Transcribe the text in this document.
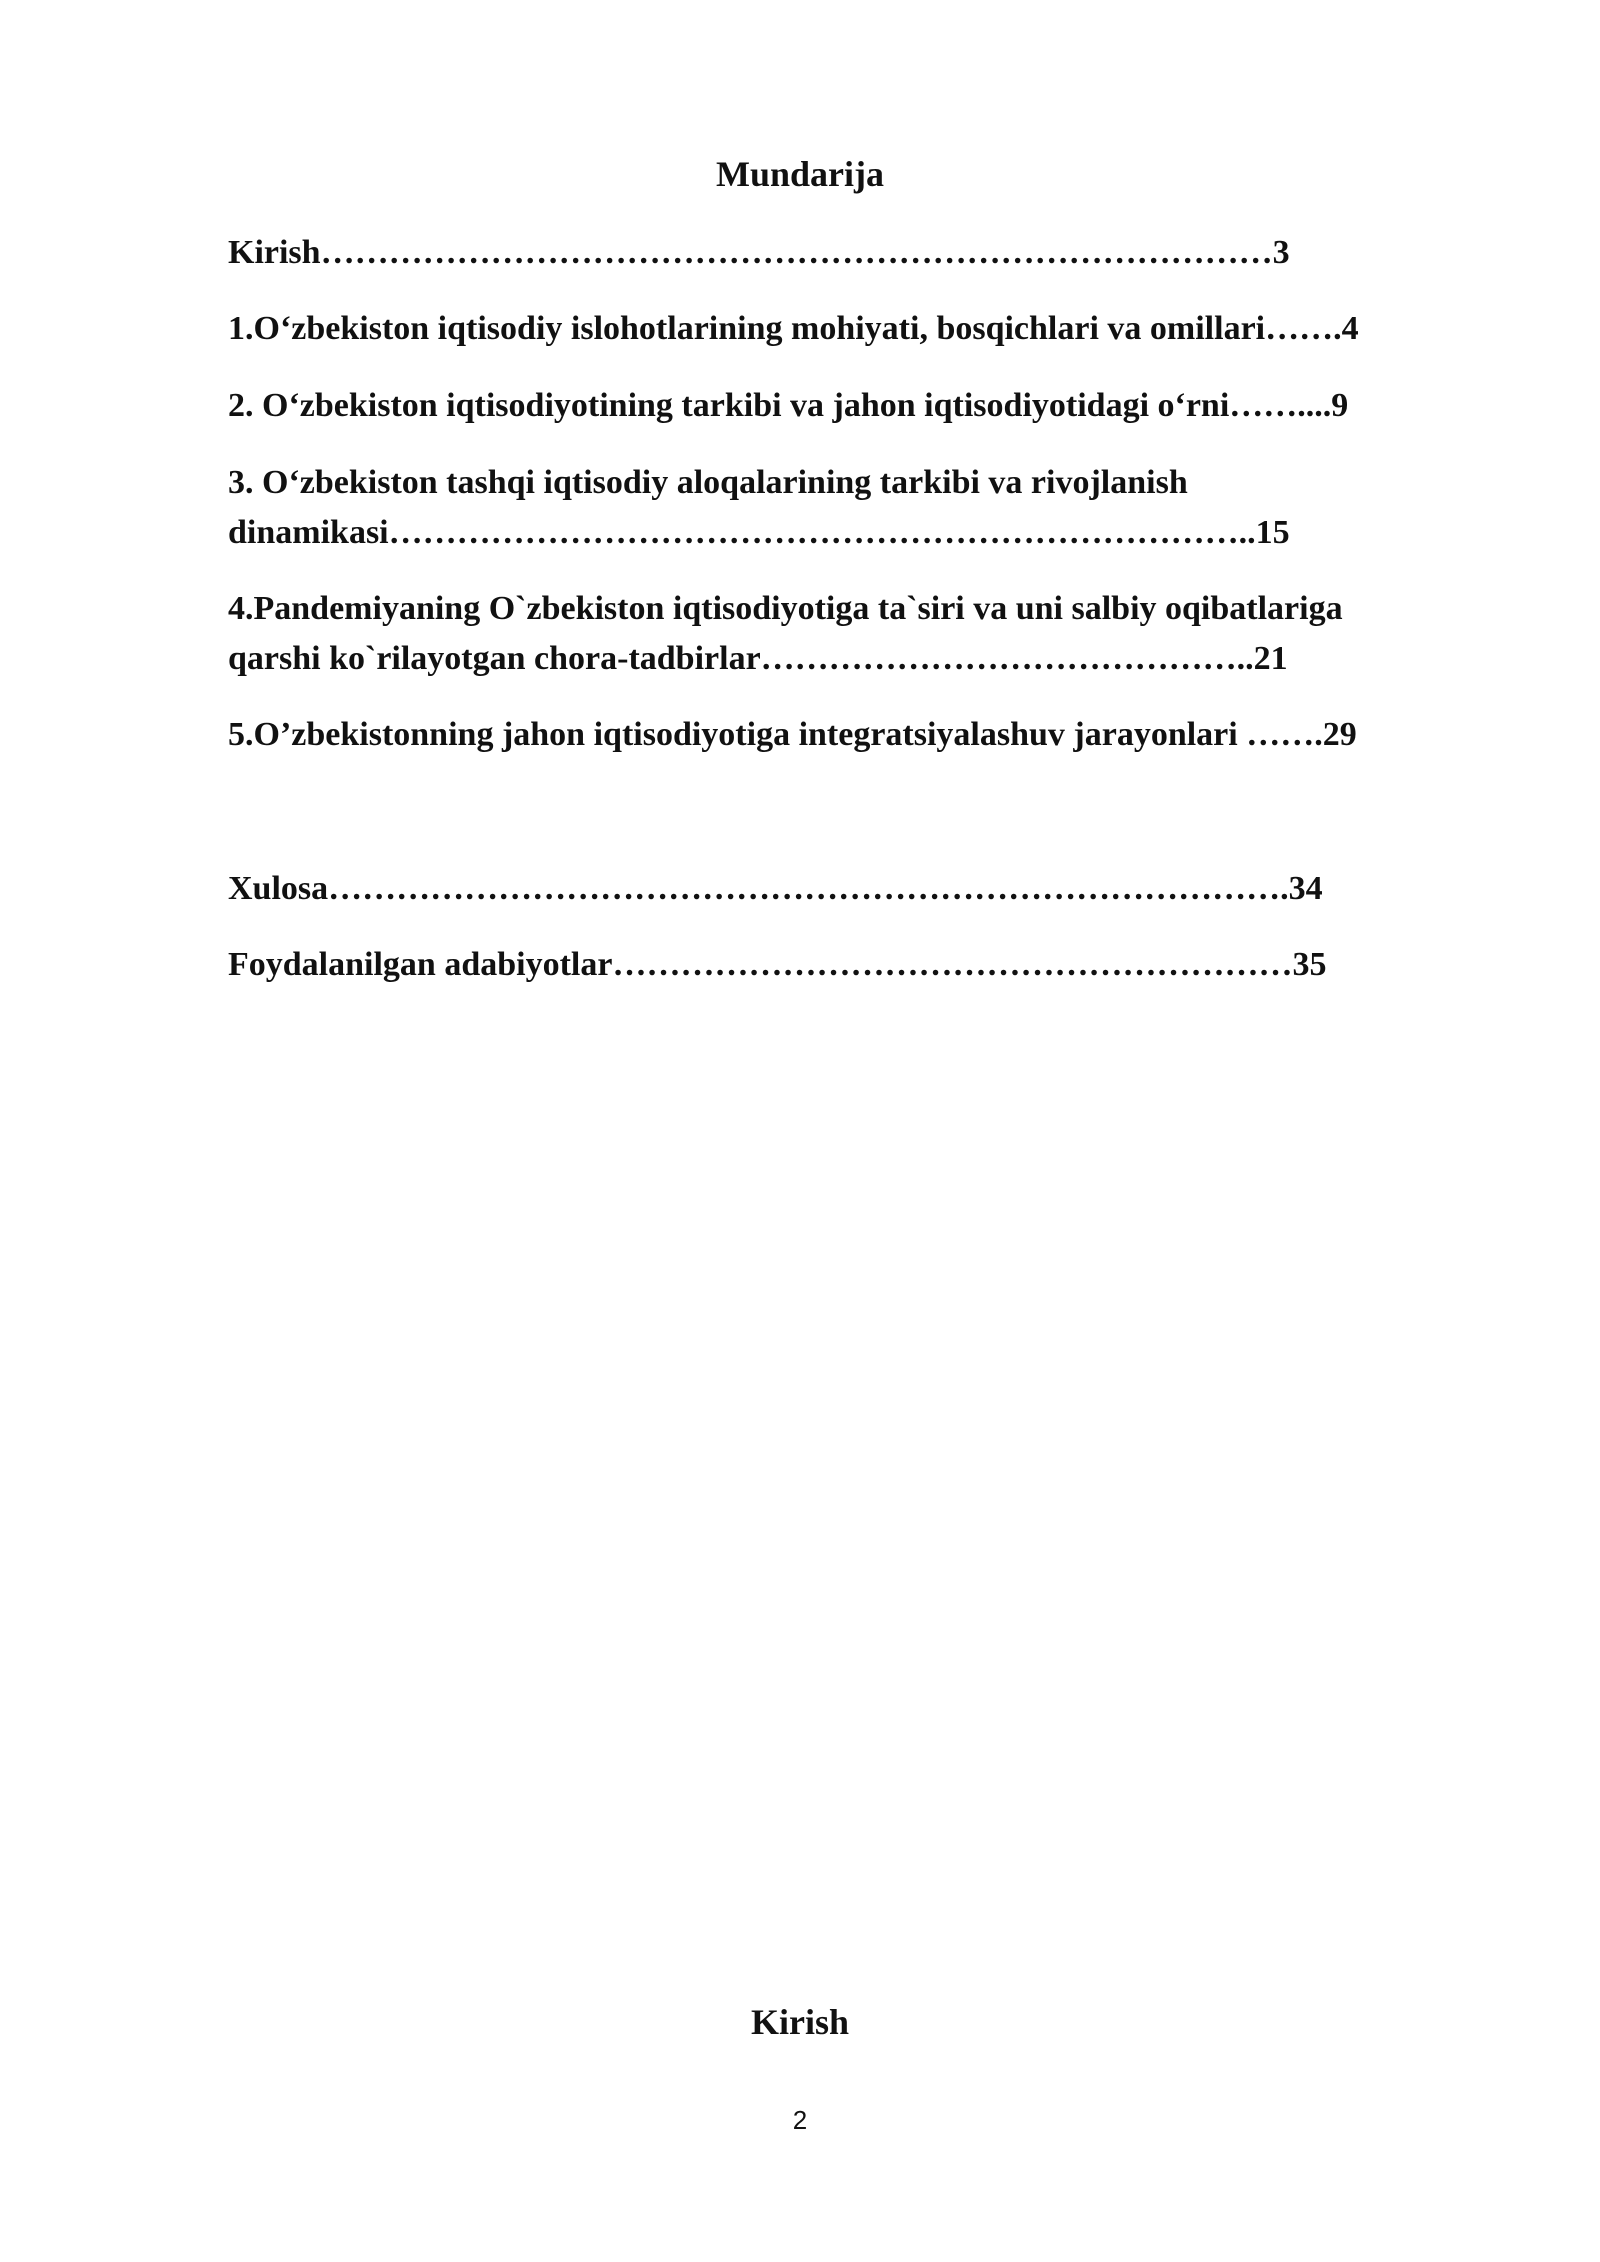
Mundarija
Kirish…………………………………………………………………………3
1.O‘zbekiston iqtisodiy islohotlarining mohiyati, bosqichlari va omillari…….4
2. O‘zbekiston iqtisodiyotining tarkibi va jahon iqtisodiyotidagi o‘rni……....9
3. O‘zbekiston tashqi iqtisodiy aloqalarining tarkibi va rivojlanish
dinamikasi…………………………………………………………………..15
4.Pandemiyaning O`zbekiston iqtisodiyotiga ta`siri va uni salbiy oqibatlariga
qarshi ko`rilayotgan chora-tadbirlar……………………………………..21
5.O’zbekistonning jahon iqtisodiyotiga integratsiyalashuv jarayonlari …….29
Xulosa………………………………………………………………………….34
Foydalanilgan adabiyotlar……………………………………………………35
Kirish
2
